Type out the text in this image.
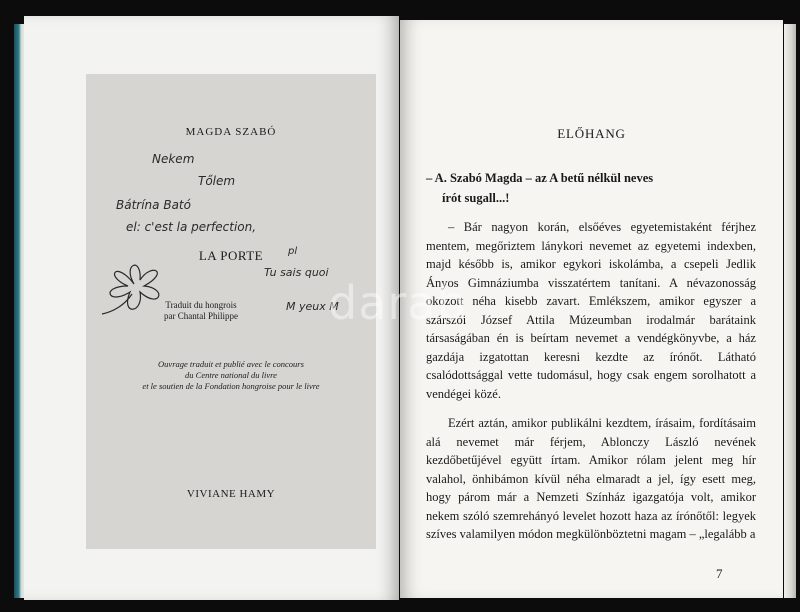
MAGDA SZABÓ
Nekem
Tőlem
Bátrína Bató
el: c'est la perfection,
LA PORTE	pl
Tu sais quoi
Traduit du hongrois
par Chantal Philippe
M yeux M
Ouvrage traduit et publié avec le concours
du Centre national du livre
et le soutien de la Fondation hongroise pour le livre
VIVIANE HAMY
ELŐHANG
– A. Szabó Magda – az A betű nélkül neves
írót sugall...!

– Bár nagyon korán, elsőéves egyetemistaként férjhez mentem, megőriztem lánykori nevemet az egyetemi indexben, majd később is, amikor egykori iskolámba, a csepeli Jedlik Ányos Gimnáziumba visszatértem tanítani. A névazonosság okozott néha kisebb zavart. Emlékszem, amikor egyszer a szárszói József Attila Múzeumban irodalmár barátaink társaságában én is beírtam nevemet a vendégkönyvbe, a ház gazdája izgatottan keresni kezdte az írónőt. Látható csalódottsággal vette tudomásul, hogy csak engem sorolhatott a vendégei közé.

Ezért aztán, amikor publikálni kezdtem, írásaim, fordításaim alá nevemet már férjem, Ablonczy László nevének kezdőbetűjével együtt írtam. Amikor rólam jelent meg hír valahol, önhibámon kívül néha elmaradt a jel, így esett meg, hogy párom már a Nemzeti Színház igazgatója volt, amikor nekem szóló szemrehányó levelet hozott haza az írónőtől: legyek szíves valamilyen módon megkülönböztetni magam – „legalább a

7
darab
